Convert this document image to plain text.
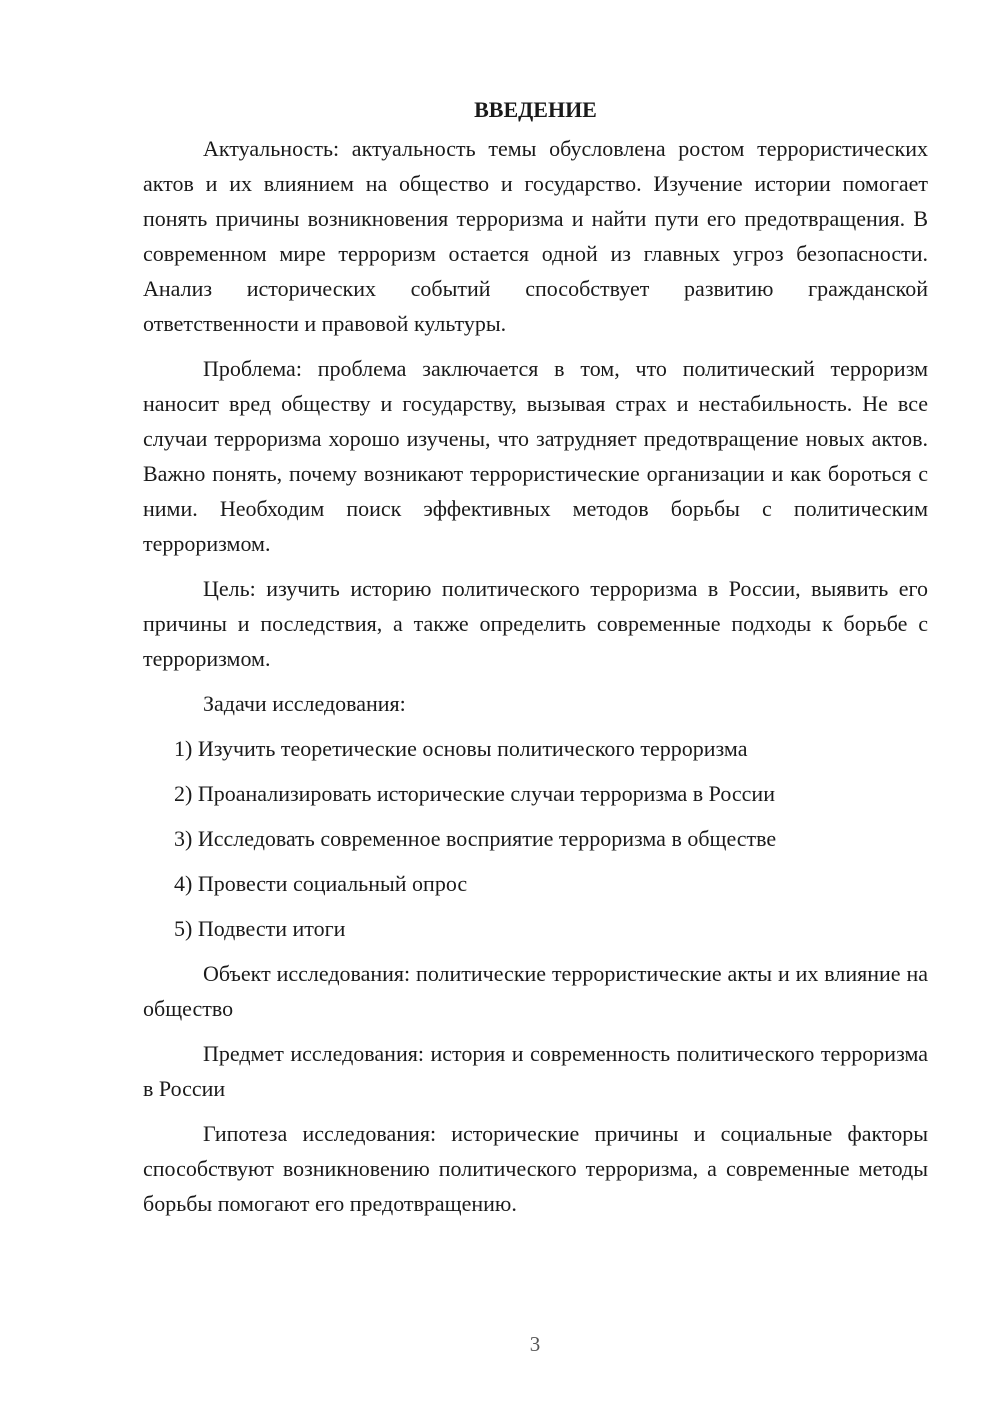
ВВЕДЕНИЕ

Актуальность: актуальность темы обусловлена ростом террористических актов и их влиянием на общество и государство. Изучение истории помогает понять причины возникновения терроризма и найти пути его предотвращения. В современном мире терроризм остается одной из главных угроз безопасности. Анализ исторических событий способствует развитию гражданской ответственности и правовой культуры.

Проблема: проблема заключается в том, что политический терроризм наносит вред обществу и государству, вызывая страх и нестабильность. Не все случаи терроризма хорошо изучены, что затрудняет предотвращение новых актов. Важно понять, почему возникают террористические организации и как бороться с ними. Необходим поиск эффективных методов борьбы с политическим терроризмом.

Цель: изучить историю политического терроризма в России, выявить его причины и последствия, а также определить современные подходы к борьбе с терроризмом.

Задачи исследования:

1) Изучить теоретические основы политического терроризма
2) Проанализировать исторические случаи терроризма в России
3) Исследовать современное восприятие терроризма в обществе
4) Провести социальный опрос
5) Подвести итоги

Объект исследования: политические террористические акты и их влияние на общество

Предмет исследования: история и современность политического терроризма в России

Гипотеза исследования: исторические причины и социальные факторы способствуют возникновению политического терроризма, а современные методы борьбы помогают его предотвращению.

3
